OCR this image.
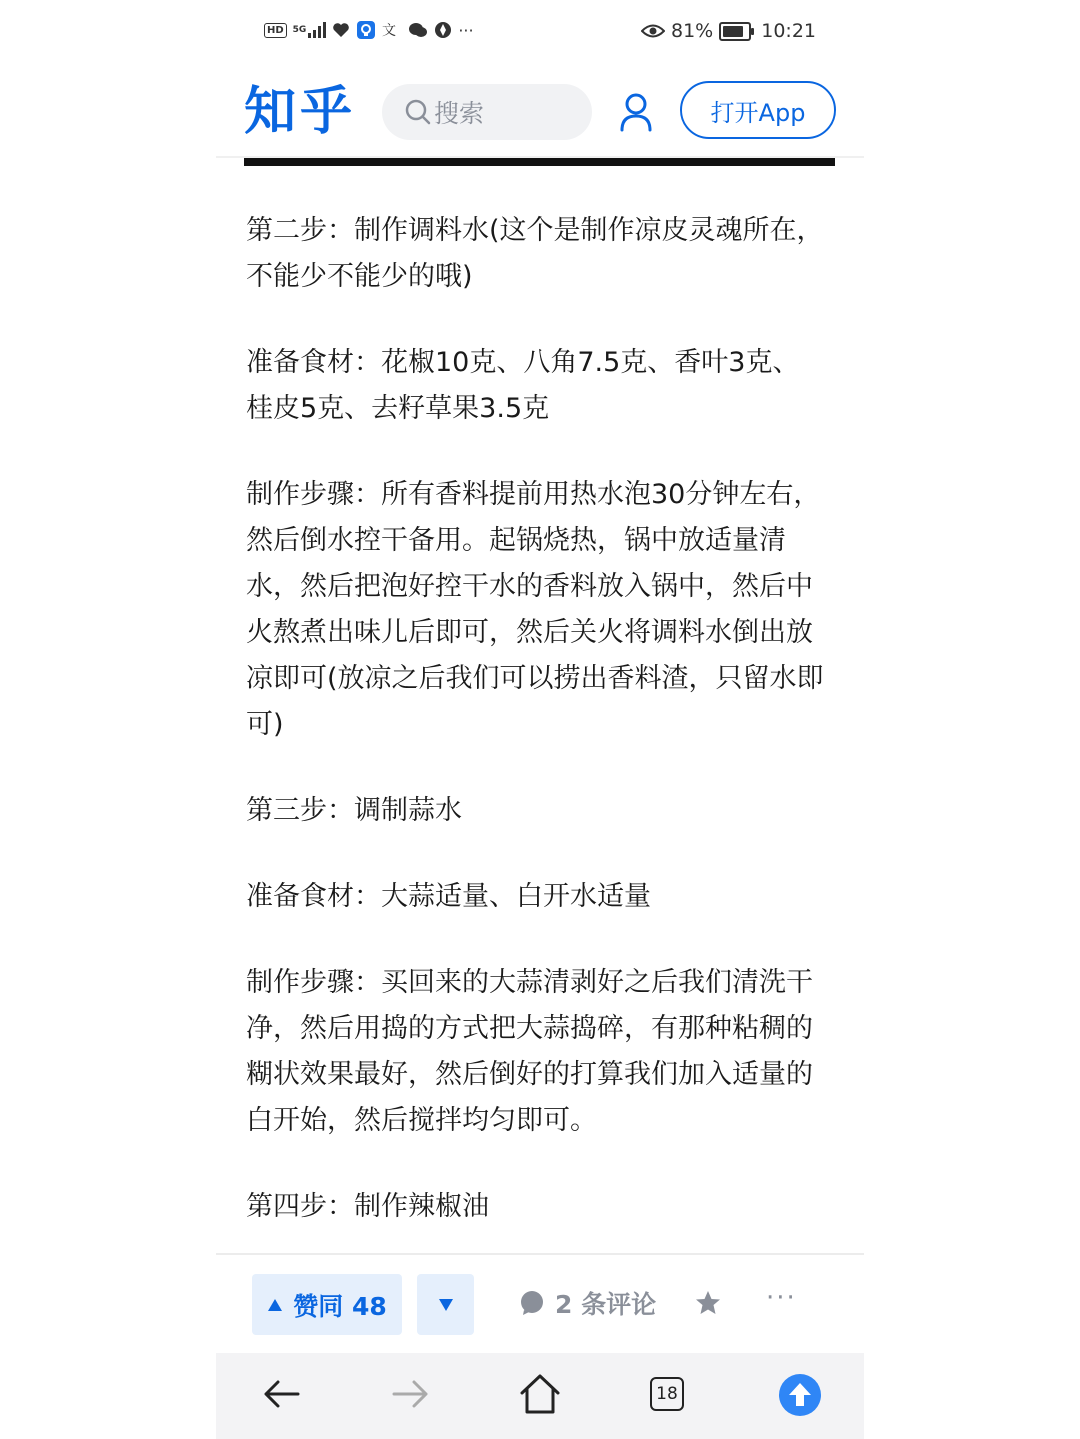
HD	5G	文	···	81%	10:21
知乎	搜索	打开App

第二步：制作调料水(这个是制作凉皮灵魂所在，不能少不能少的哦)

准备食材：花椒10克、八角7.5克、香叶3克、桂皮5克、去籽草果3.5克

制作步骤：所有香料提前用热水泡30分钟左右，然后倒水控干备用。起锅烧热，锅中放适量清水，然后把泡好控干水的香料放入锅中，然后中火熬煮出味儿后即可，然后关火将调料水倒出放凉即可(放凉之后我们可以捞出香料渣，只留水即可)

第三步：调制蒜水

准备食材：大蒜适量、白开水适量

制作步骤：买回来的大蒜清剥好之后我们清洗干净，然后用捣的方式把大蒜捣碎，有那种粘稠的糊状效果最好，然后倒好的打算我们加入适量的白开始，然后搅拌均匀即可。

第四步：制作辣椒油

赞同 48	2 条评论	···
18
